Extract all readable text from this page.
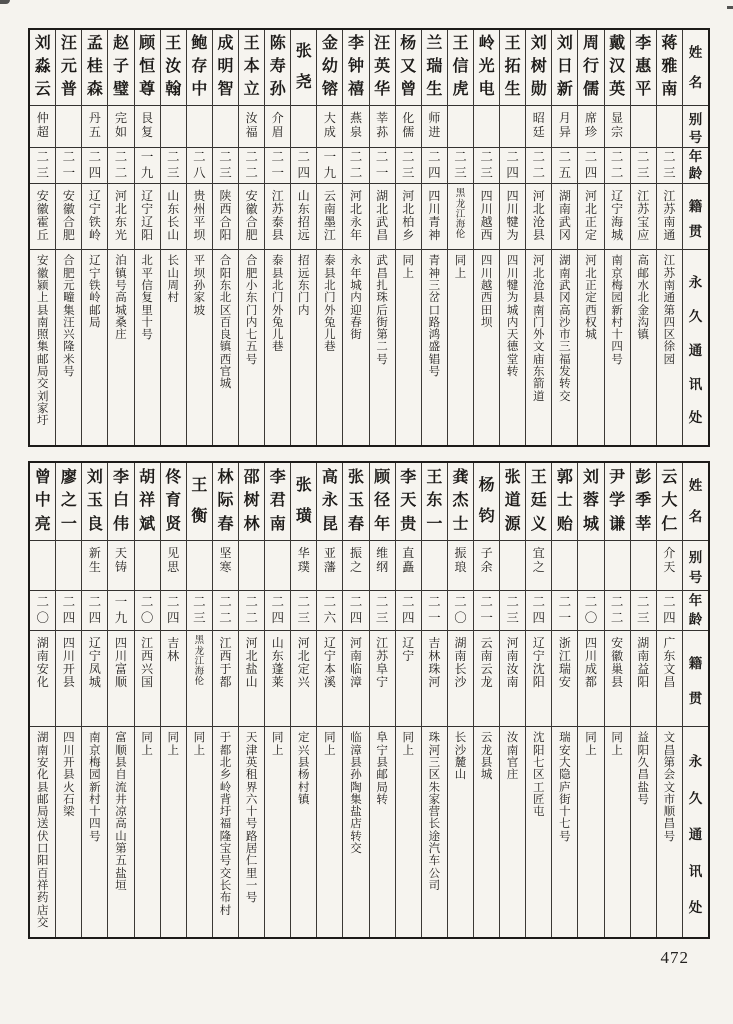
姓
名
别
号
年
龄
籍
贯
永
久
通
讯
处
蒋
雅
南
二
三
江
苏
南
通
江
苏
南
通
第
四
区
徐
园
李
惠
平
二
三
江
苏
宝
应
高
邮
水
北
金
沟
镇
戴
汉
英
显
宗
二
二
辽
宁
海
城
南
京
梅
园
新
村
十
四
号
周
行
儒
席
珍
二
四
河
北
正
定
河
北
正
定
西
权
城
刘
日
新
月
异
二
五
湖
南
武
冈
湖
南
武
冈
高
沙
市
三
福
发
转
交
刘
树
勋
昭
廷
二
二
河
北
沧
县
河
北
沧
县
南
门
外
文
庙
东
箭
道
王
拓
生
二
四
四
川
犍
为
四
川
犍
为
城
内
天
德
堂
转
岭
光
电
二
三
四
川
越
西
四
川
越
西
田
坝
王
信
虎
二
三
黑
龙
江
海
伦
同
上
兰
瑞
生
师
进
二
四
四
川
青
神
青
神
三
岔
口
路
鸿
盛
锠
号
杨
又
曾
化
儒
二
三
河
北
柏
乡
同
上
汪
英
华
莘
荪
二
一
湖
北
武
昌
武
昌
扎
珠
后
街
第
二
号
李
钟
禧
燕
泉
二
二
河
北
永
年
永
年
城
内
迎
春
街
金
幼
镕
大
成
一
九
云
南
墨
江
泰
县
北
门
外
兔
儿
巷
张
尧
二
四
山
东
招
远
招
远
东
门
内
陈
寿
孙
介
眉
二
一
江
苏
泰
县
泰
县
北
门
外
兔
儿
巷
王
本
立
汝
福
二
二
安
徽
合
肥
合
肥
小
东
门
内
七
五
号
成
明
智
二
三
陕
西
合
阳
合
阳
东
北
区
百
良
镇
西
官
城
鲍
存
中
二
八
贵
州
平
坝
平
坝
孙
家
坡
王
汝
翰
二
三
山
东
长
山
长
山
周
村
顾
恒
尊
艮
复
一
九
辽
宁
辽
阳
北
平
信
复
里
十
号
赵
子
璧
完
如
二
二
河
北
东
光
泊
镇
号
高
城
桑
庄
孟
桂
森
丹
五
二
四
辽
宁
铁
岭
辽
宁
铁
岭
邮
局
汪
元
普
二
一
安
徽
合
肥
合
肥
元
疃
集
汪
兴
隆
米
号
刘
淼
云
仲
超
二
三
安
徽
霍
丘
安
徽
颍
上
县
南
照
集
邮
局
交
刘
家
圩
姓
名
别
号
年
龄
籍
贯
永
久
通
讯
处
云
大
仁
介
天
二
四
广
东
文
昌
文
昌
第
会
文
市
顺
昌
号
彭
季
莘
二
三
湖
南
益
阳
益
阳
久
昌
盐
号
尹
学
谦
二
二
安
徽
巢
县
同
上
刘
蓉
城
二
〇
四
川
成
都
同
上
郭
士
贻
二
一
浙
江
瑞
安
瑞
安
大
隐
庐
街
十
七
号
王
廷
义
宜
之
二
四
辽
宁
沈
阳
沈
阳
七
区
工
匠
屯
张
道
源
二
三
河
南
汝
南
汝
南
官
庄
杨
钧
子
余
二
一
云
南
云
龙
云
龙
县
城
龚
杰
士
振
琅
二
〇
湖
南
长
沙
长
沙
麓
山
王
东
一
二
一
吉
林
珠
河
珠
河
三
区
朱
家
营
长
途
汽
车
公
司
李
天
贵
直
矗
二
四
辽
宁
同
上
顾
径
年
维
纲
二
三
江
苏
阜
宁
阜
宁
县
邮
局
转
张
玉
春
振
之
二
四
河
南
临
漳
临
漳
县
孙
陶
集
盐
店
转
交
高
永
昆
亚
藩
二
六
辽
宁
本
溪
同
上
张
璜
华
璞
二
三
河
北
定
兴
定
兴
县
杨
村
镇
李
君
南
二
四
山
东
蓬
莱
同
上
邵
树
林
二
二
河
北
盐
山
天
津
英
租
界
六
十
号
路
居
仁
里
一
号
林
际
春
坚
寒
二
二
江
西
于
都
于
都
北
乡
岭
背
圩
福
隆
宝
号
交
长
布
村
王
衡
二
三
黑
龙
江
海
伦
同
上
佟
育
贤
见
思
二
四
吉
林
同
上
胡
祥
斌
二
〇
江
西
兴
国
同
上
李
白
伟
天
铸
一
九
四
川
富
顺
富
顺
县
自
流
井
凉
高
山
第
五
盐
垣
刘
玉
良
新
生
二
四
辽
宁
凤
城
南
京
梅
园
新
村
十
四
号
廖
之
一
二
四
四
川
开
县
四
川
开
县
火
石
梁
曾
中
亮
二
〇
湖
南
安
化
湖
南
安
化
县
邮
局
送
伏
口
阳
百
祥
药
店
交
472
